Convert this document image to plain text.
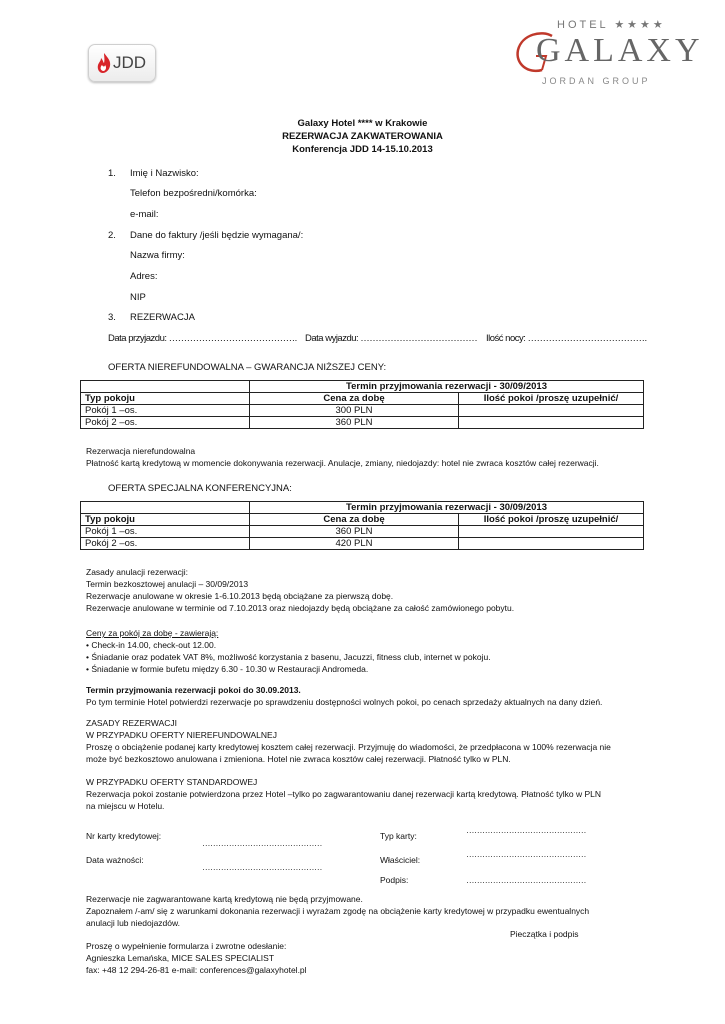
JDD
HOTEL ★★★★
GALAXY
JORDAN GROUP
Galaxy Hotel **** w Krakowie
REZERWACJA ZAKWATEROWANIA
Konferencja JDD 14-15.10.2013
1. Imię i Nazwisko:
Telefon bezpośredni/komórka:
e-mail:
2. Dane do faktury /jeśli będzie wymagana/:
Nazwa firmy:
Adres:
NIP
3. REZERWACJA
Data przyjazdu: ……………………………………. Data wyjazdu: ………………………………… Ilość nocy: ………………………………….
OFERTA NIEREFUNDOWALNA – GWARANCJA NIŻSZEJ CENY:
	Termin przyjmowania rezerwacji - 30/09/2013	
Typ pokoju	Cena za dobę	Ilość pokoi /proszę uzupełnić/
Pokój 1 –os.	300 PLN	
Pokój 2 –os.	360 PLN	
Rezerwacja nierefundowalna
Płatność kartą kredytową w momencie dokonywania rezerwacji. Anulacje, zmiany, niedojazdy: hotel nie zwraca kosztów całej rezerwacji.
OFERTA SPECJALNA KONFERENCYJNA:
	Termin przyjmowania rezerwacji - 30/09/2013	
Typ pokoju	Cena za dobę	Ilość pokoi /proszę uzupełnić/
Pokój 1 –os.	360 PLN	
Pokój 2 –os.	420 PLN	
Zasady anulacji rezerwacji:
Termin bezkosztowej anulacji – 30/09/2013
Rezerwacje anulowane w okresie 1-6.10.2013 będą obciążane za pierwszą dobę.
Rezerwacje anulowane w terminie od 7.10.2013 oraz niedojazdy będą obciążane za całość zamówionego pobytu.
Ceny za pokój za dobę - zawierają:
• Check-in 14.00, check-out 12.00.
• Śniadanie oraz podatek VAT 8%, możliwość korzystania z basenu, Jacuzzi, fitness club, internet w pokoju.
• Śniadanie w formie bufetu między 6.30 - 10.30 w Restauracji Andromeda.
Termin przyjmowania rezerwacji pokoi do 30.09.2013.
Po tym terminie Hotel potwierdzi rezerwacje po sprawdzeniu dostępności wolnych pokoi, po cenach sprzedaży aktualnych na dany dzień.
ZASADY REZERWACJI
W PRZYPADKU OFERTY NIEREFUNDOWALNEJ
Proszę o obciążenie podanej karty kredytowej kosztem całej rezerwacji. Przyjmuję do wiadomości, że przedpłacona w 100% rezerwacja nie
może być bezkosztowo anulowana i zmieniona. Hotel nie zwraca kosztów całej rezerwacji. Płatność tylko w PLN.
W PRZYPADKU OFERTY STANDARDOWEJ
Rezerwacja pokoi zostanie potwierdzona przez Hotel –tylko po zagwarantowaniu danej rezerwacji kartą kredytową. Płatność tylko w PLN
na miejscu w Hotelu.
Nr karty kredytowej:
………………………………………
Typ karty:
………………………………………
Data ważności:
………………………………………
Właściciel:
………………………………………
Podpis:	………………………………………
Rezerwacje nie zagwarantowane kartą kredytową nie będą przyjmowane.
Zapoznałem /-am/ się z warunkami dokonania rezerwacji i wyrażam zgodę na obciążenie karty kredytowej w przypadku ewentualnych
anulacji lub niedojazdów.
Pieczątka i podpis
Proszę o wypełnienie formularza i zwrotne odesłanie:
Agnieszka Lemańska, MICE SALES SPECIALIST
fax: +48 12 294-26-81 e-mail: conferences@galaxyhotel.pl
